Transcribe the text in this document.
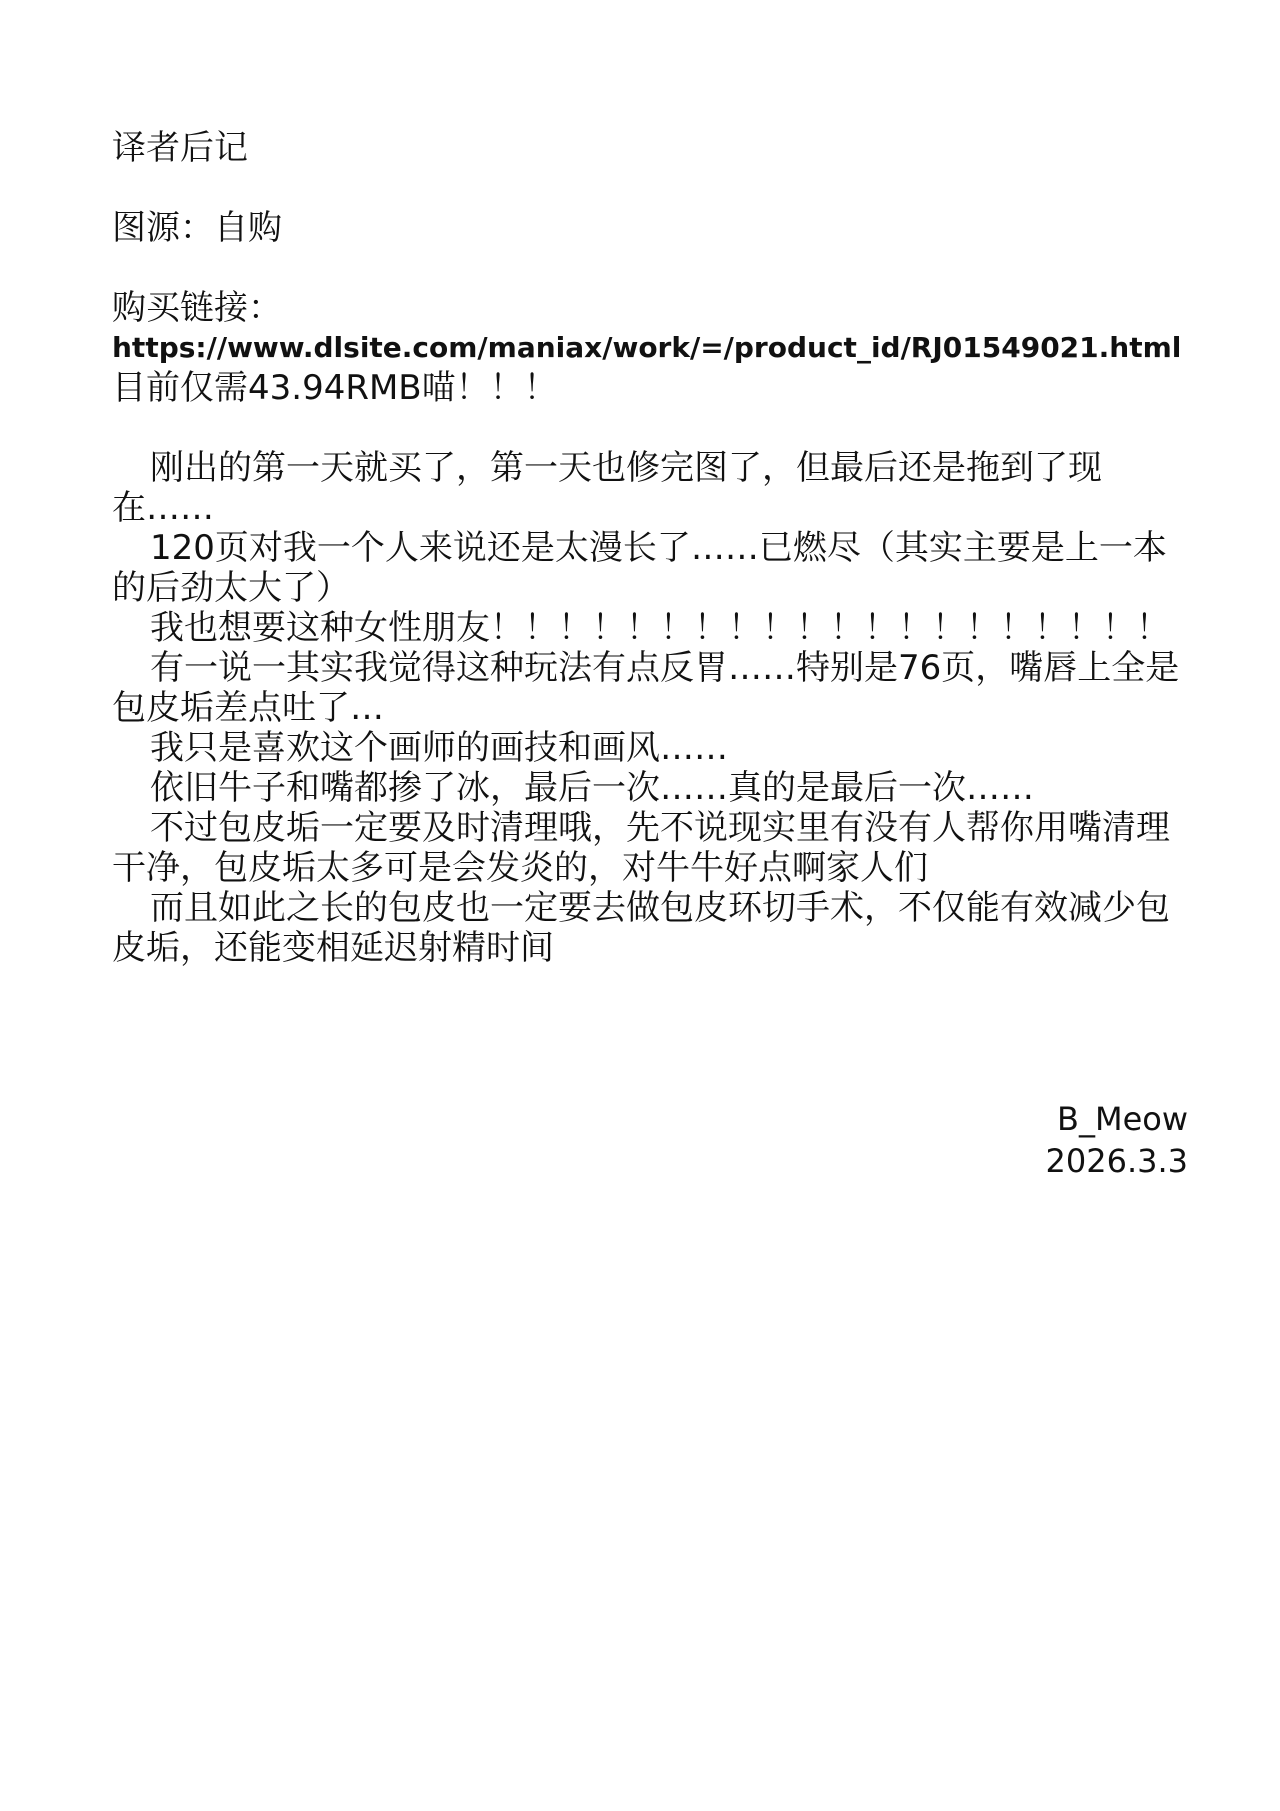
译者后记
图源：自购
购买链接：
https://www.dlsite.com/maniax/work/=/product_id/RJ01549021.html
目前仅需43.94RMB喵！！！

刚出的第一天就买了，第一天也修完图了，但最后还是拖到了现在……

120页对我一个人来说还是太漫长了……已燃尽（其实主要是上一本的后劲太大了）

我也想要这种女性朋友！！！！！！！！！！！！！！！！！！！！

有一说一其实我觉得这种玩法有点反胃……特别是76页，嘴唇上全是包皮垢差点吐了…

我只是喜欢这个画师的画技和画风……

依旧牛子和嘴都掺了冰，最后一次……真的是最后一次……

不过包皮垢一定要及时清理哦，先不说现实里有没有人帮你用嘴清理干净，包皮垢太多可是会发炎的，对牛牛好点啊家人们

而且如此之长的包皮也一定要去做包皮环切手术，不仅能有效减少包皮垢，还能变相延迟射精时间

B_Meow
2026.3.3
